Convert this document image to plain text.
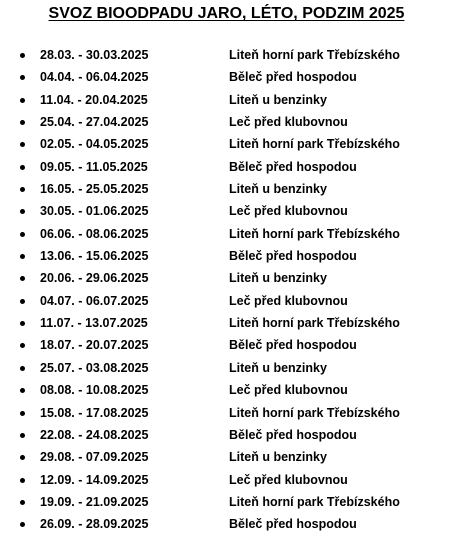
SVOZ BIOODPADU JARO, LÉTO, PODZIM 2025
28.03. - 30.03.2025	Liteň horní park Třebízského
04.04. - 06.04.2025	Běleč před hospodou
11.04. - 20.04.2025	Liteň u benzinky
25.04. - 27.04.2025	Leč před klubovnou
02.05. - 04.05.2025	Liteň horní park Třebízského
09.05. - 11.05.2025	Běleč před hospodou
16.05. - 25.05.2025	Liteň u benzinky
30.05. - 01.06.2025	Leč před klubovnou
06.06. - 08.06.2025	Liteň horní park Třebízského
13.06. - 15.06.2025	Běleč před hospodou
20.06. - 29.06.2025	Liteň u benzinky
04.07. - 06.07.2025	Leč před klubovnou
11.07. - 13.07.2025	Liteň horní park Třebízského
18.07. - 20.07.2025	Běleč před hospodou
25.07. - 03.08.2025	Liteň u benzinky
08.08. - 10.08.2025	Leč před klubovnou
15.08. - 17.08.2025	Liteň horní park Třebízského
22.08. - 24.08.2025	Běleč před hospodou
29.08. - 07.09.2025	Liteň u benzinky
12.09. - 14.09.2025	Leč před klubovnou
19.09. - 21.09.2025	Liteň horní park Třebízského
26.09. - 28.09.2025	Běleč před hospodou
